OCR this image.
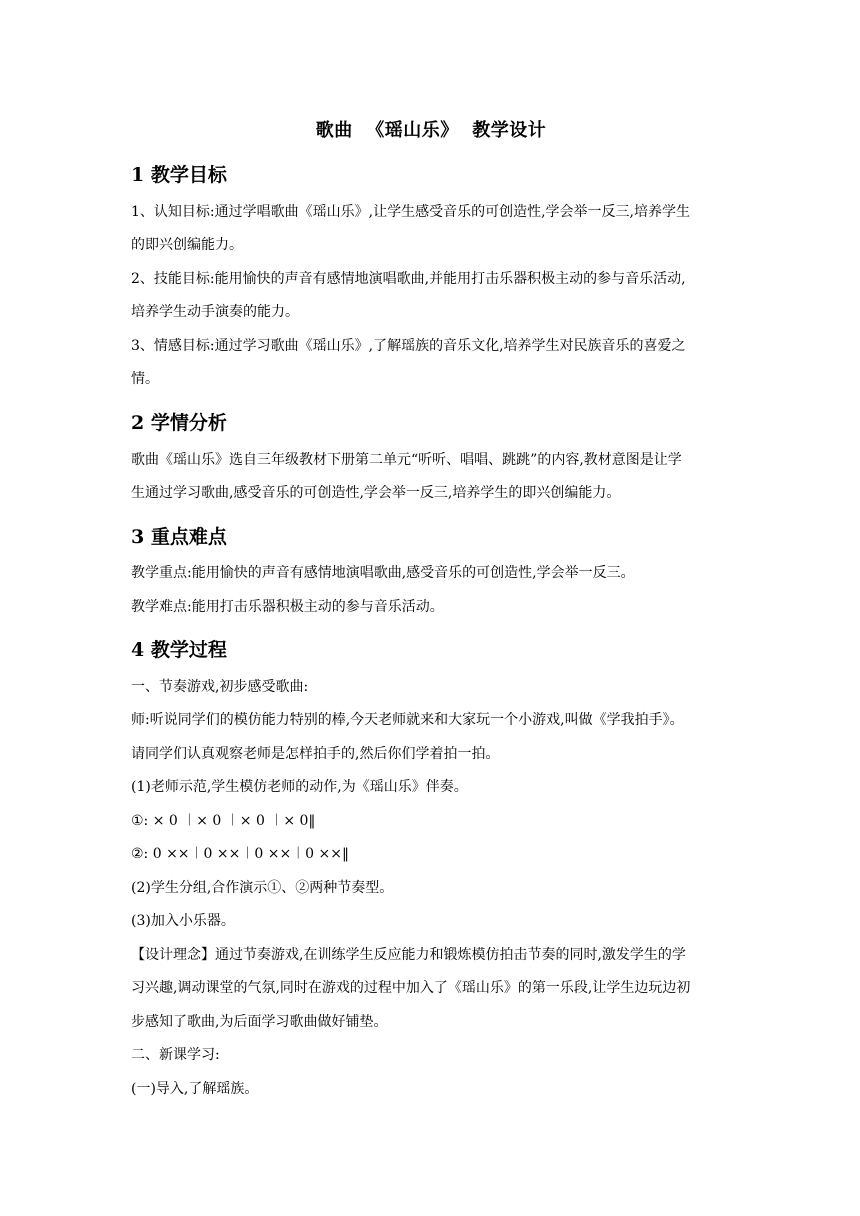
歌曲  《瑶山乐》  教学设计
1 教学目标
1、认知目标:通过学唱歌曲《瑶山乐》,让学生感受音乐的可创造性,学会举一反三,培养学生
的即兴创编能力。
2、技能目标:能用愉快的声音有感情地演唱歌曲,并能用打击乐器积极主动的参与音乐活动,
培养学生动手演奏的能力。
3、情感目标:通过学习歌曲《瑶山乐》,了解瑶族的音乐文化,培养学生对民族音乐的喜爱之
情。
2 学情分析
歌曲《瑶山乐》选自三年级教材下册第二单元“听听、唱唱、跳跳”的内容,教材意图是让学
生通过学习歌曲,感受音乐的可创造性,学会举一反三,培养学生的即兴创编能力。
3 重点难点
教学重点:能用愉快的声音有感情地演唱歌曲,感受音乐的可创造性,学会举一反三。
教学难点:能用打击乐器积极主动的参与音乐活动。
4 教学过程
一、节奏游戏,初步感受歌曲:
师:听说同学们的模仿能力特别的棒,今天老师就来和大家玩一个小游戏,叫做《学我拍手》。
请同学们认真观察老师是怎样拍手的,然后你们学着拍一拍。
(1)老师示范,学生模仿老师的动作,为《瑶山乐》伴奏。
①: × 0 ︱× 0 ︱× 0 ︱× 0‖
②: 0 ××︱0 ××︱0 ××︱0 ××‖
(2)学生分组,合作演示①、②两种节奏型。
(3)加入小乐器。
【设计理念】通过节奏游戏,在训练学生反应能力和锻炼模仿拍击节奏的同时,激发学生的学
习兴趣,调动课堂的气氛,同时在游戏的过程中加入了《瑶山乐》的第一乐段,让学生边玩边初
步感知了歌曲,为后面学习歌曲做好铺垫。
二、新课学习:
(一)导入,了解瑶族。
